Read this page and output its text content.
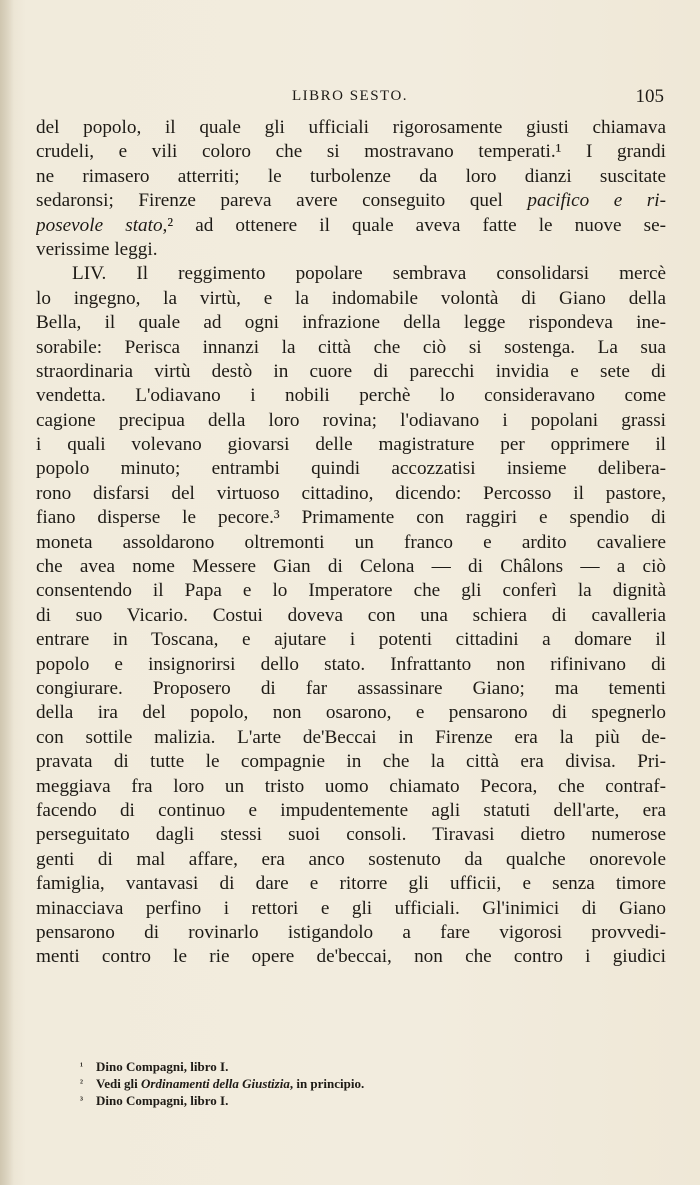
LIBRO SESTO.	105
del popolo, il quale gli ufficiali rigorosamente giusti chiamava
crudeli, e vili coloro che si mostravano temperati.¹ I grandi
ne rimasero atterriti; le turbolenze da loro dianzi suscitate
sedaronsi; Firenze pareva avere conseguito quel pacifico e ri-
posevole stato,² ad ottenere il quale aveva fatte le nuove se-
verissime leggi.
LIV. Il reggimento popolare sembrava consolidarsi mercè
lo ingegno, la virtù, e la indomabile volontà di Giano della
Bella, il quale ad ogni infrazione della legge rispondeva ine-
sorabile: Perisca innanzi la città che ciò si sostenga. La sua
straordinaria virtù destò in cuore di parecchi invidia e sete di
vendetta. L'odiavano i nobili perchè lo consideravano come
cagione precipua della loro rovina; l'odiavano i popolani grassi
i quali volevano giovarsi delle magistrature per opprimere il
popolo minuto; entrambi quindi accozzatisi insieme delibera-
rono disfarsi del virtuoso cittadino, dicendo: Percosso il pastore,
fiano disperse le pecore.³ Primamente con raggiri e spendio di
moneta assoldarono oltremonti un franco e ardito cavaliere
che avea nome Messere Gian di Celona — di Châlons — a ciò
consentendo il Papa e lo Imperatore che gli conferì la dignità
di suo Vicario. Costui doveva con una schiera di cavalleria
entrare in Toscana, e ajutare i potenti cittadini a domare il
popolo e insignorirsi dello stato. Infrattanto non rifinivano di
congiurare. Proposero di far assassinare Giano; ma tementi
della ira del popolo, non osarono, e pensarono di spegnerlo
con sottile malizia. L'arte de'Beccai in Firenze era la più de-
pravata di tutte le compagnie in che la città era divisa. Pri-
meggiava fra loro un tristo uomo chiamato Pecora, che contraf-
facendo di continuo e impudentemente agli statuti dell'arte, era
perseguitato dagli stessi suoi consoli. Tiravasi dietro numerose
genti di mal affare, era anco sostenuto da qualche onorevole
famiglia, vantavasi di dare e ritorre gli ufficii, e senza timore
minacciava perfino i rettori e gli ufficiali. Gl'inimici di Giano
pensarono di rovinarlo istigandolo a fare vigorosi provvedi-
menti contro le rie opere de'beccai, non che contro i giudici
¹ Dino Compagni, libro I.
² Vedi gli Ordinamenti della Giustizia, in principio.
³ Dino Compagni, libro I.
